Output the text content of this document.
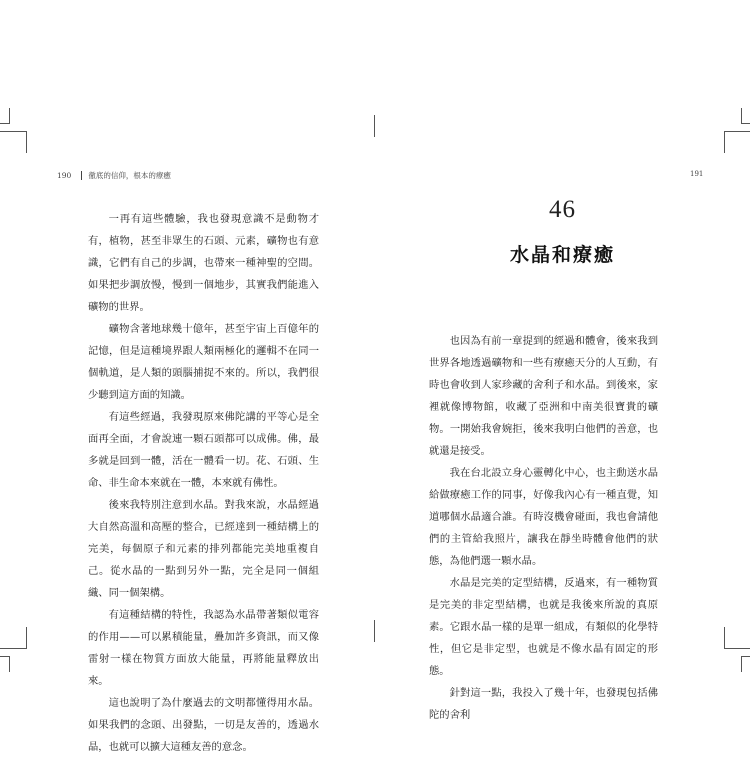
190 徹底的信仰，根本的療癒

一再有這些體驗，我也發現意識不是動物才有，植物，甚至非眾生的石頭、元素，礦物也有意識，它們有自己的步調，也帶來一種神聖的空間。如果把步調放慢，慢到一個地步，其實我們能進入礦物的世界。

礦物含著地球幾十億年，甚至宇宙上百億年的記憶，但是這種境界跟人類兩極化的邏輯不在同一個軌道，是人類的頭腦捕捉不來的。所以，我們很少聽到這方面的知識。

有這些經過，我發現原來佛陀講的平等心是全面再全面，才會說連一顆石頭都可以成佛。佛，最多就是回到一體，活在一體看一切。花、石頭、生命、非生命本來就在一體，本來就有佛性。

後來我特別注意到水晶。對我來說，水晶經過大自然高溫和高壓的整合，已經達到一種結構上的完美，每個原子和元素的排列都能完美地重複自己。從水晶的一點到另外一點，完全是同一個組織、同一個架構。

有這種結構的特性，我認為水晶帶著類似電容的作用——可以累積能量，疊加許多資訊，而又像雷射一樣在物質方面放大能量，再將能量釋放出來。

這也說明了為什麼過去的文明都懂得用水晶。如果我們的念頭、出發點，一切是友善的，透過水晶，也就可以擴大這種友善的意念。

191
46
水晶和療癒

也因為有前一章提到的經過和體會，後來我到世界各地透過礦物和一些有療癒天分的人互動，有時也會收到人家珍藏的舍利子和水晶。到後來，家裡就像博物館，收藏了亞洲和中南美很寶貴的礦物。一開始我會婉拒，後來我明白他們的善意，也就還是接受。

我在台北設立身心靈轉化中心，也主動送水晶給做療癒工作的同事，好像我內心有一種直覺，知道哪個水晶適合誰。有時沒機會碰面，我也會請他們的主管給我照片，讓我在靜坐時體會他們的狀態，為他們選一顆水晶。

水晶是完美的定型結構，反過來，有一種物質是完美的非定型結構，也就是我後來所說的真原素。它跟水晶一樣的是單一組成，有類似的化學特性，但它是非定型，也就是不像水晶有固定的形態。

針對這一點，我投入了幾十年，也發現包括佛陀的舍利
